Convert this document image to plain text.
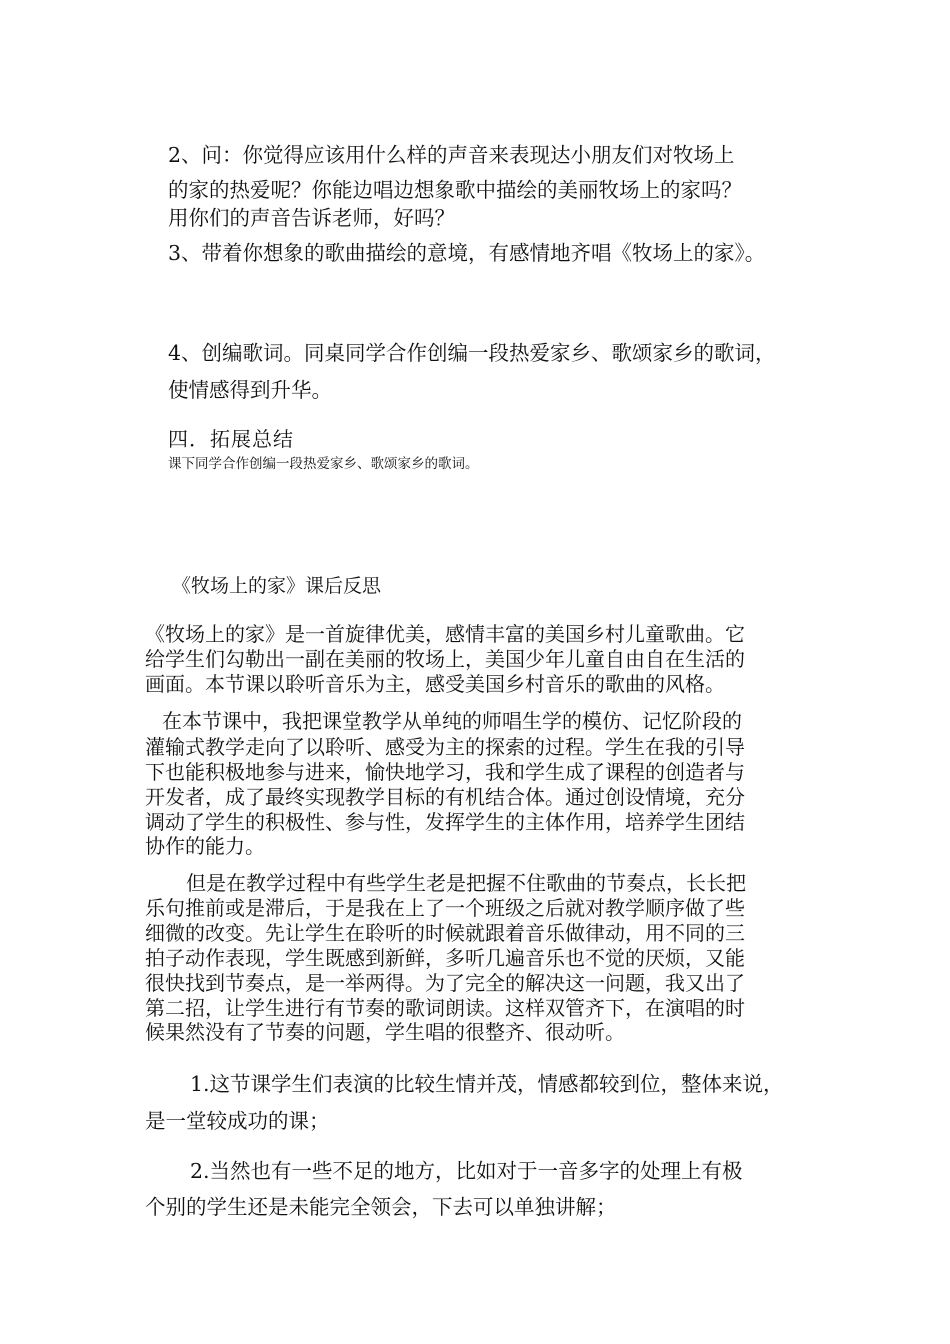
2、问：你觉得应该用什么样的声音来表现达小朋友们对牧场上

的家的热爱呢？你能边唱边想象歌中描绘的美丽牧场上的家吗？

用你们的声音告诉老师，好吗？

3、带着你想象的歌曲描绘的意境，有感情地齐唱《牧场上的家》。

4、创编歌词。同桌同学合作创编一段热爱家乡、歌颂家乡的歌词，

使情感得到升华。

四．拓展总结

课下同学合作创编一段热爱家乡、歌颂家乡的歌词。

《牧场上的家》课后反思

《牧场上的家》是一首旋律优美，感情丰富的美国乡村儿童歌曲。它

给学生们勾勒出一副在美丽的牧场上，美国少年儿童自由自在生活的

画面。本节课以聆听音乐为主，感受美国乡村音乐的歌曲的风格。

在本节课中，我把课堂教学从单纯的师唱生学的模仿、记忆阶段的

灌输式教学走向了以聆听、感受为主的探索的过程。学生在我的引导

下也能积极地参与进来，愉快地学习，我和学生成了课程的创造者与

开发者，成了最终实现教学目标的有机结合体。通过创设情境，充分

调动了学生的积极性、参与性，发挥学生的主体作用，培养学生团结

协作的能力。

但是在教学过程中有些学生老是把握不住歌曲的节奏点，长长把

乐句推前或是滞后，于是我在上了一个班级之后就对教学顺序做了些

细微的改变。先让学生在聆听的时候就跟着音乐做律动，用不同的三

拍子动作表现，学生既感到新鲜，多听几遍音乐也不觉的厌烦，又能

很快找到节奏点，是一举两得。为了完全的解决这一问题，我又出了

第二招，让学生进行有节奏的歌词朗读。这样双管齐下，在演唱的时

候果然没有了节奏的问题，学生唱的很整齐、很动听。

1.这节课学生们表演的比较生情并茂，情感都较到位，整体来说，

是一堂较成功的课；

2.当然也有一些不足的地方，比如对于一音多字的处理上有极

个别的学生还是未能完全领会，下去可以单独讲解；
